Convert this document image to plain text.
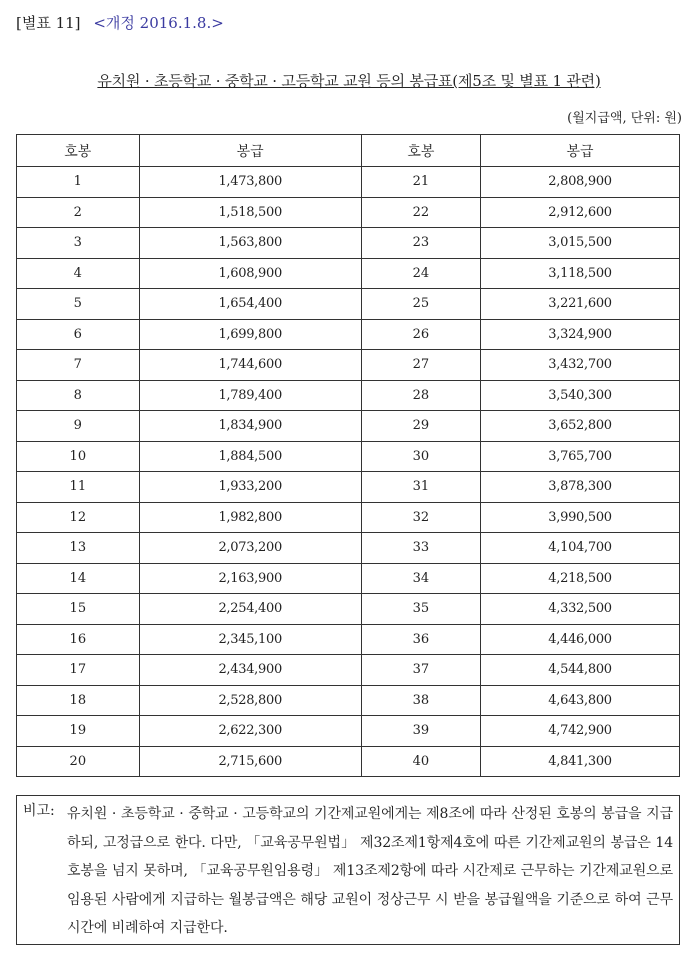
[별표 11] <개정 2016.1.8.>
유치원 · 초등학교 · 중학교 · 고등학교 교원 등의 봉급표(제5조 및 별표 1 관련)
(월지급액, 단위: 원)
호봉	봉급	호봉	봉급
1	1,473,800	21	2,808,900
2	1,518,500	22	2,912,600
3	1,563,800	23	3,015,500
4	1,608,900	24	3,118,500
5	1,654,400	25	3,221,600
6	1,699,800	26	3,324,900
7	1,744,600	27	3,432,700
8	1,789,400	28	3,540,300
9	1,834,900	29	3,652,800
10	1,884,500	30	3,765,700
11	1,933,200	31	3,878,300
12	1,982,800	32	3,990,500
13	2,073,200	33	4,104,700
14	2,163,900	34	4,218,500
15	2,254,400	35	4,332,500
16	2,345,100	36	4,446,000
17	2,434,900	37	4,544,800
18	2,528,800	38	4,643,800
19	2,622,300	39	4,742,900
20	2,715,600	40	4,841,300
비고: 유치원 · 초등학교 · 중학교 · 고등학교의 기간제교원에게는 제8조에 따라 산정된 호봉의 봉급을 지급하되, 고정급으로 한다. 다만, 「교육공무원법」 제32조제1항제4호에 따른 기간제교원의 봉급은 14호봉을 넘지 못하며, 「교육공무원임용령」 제13조제2항에 따라 시간제로 근무하는 기간제교원으로 임용된 사람에게 지급하는 월봉급액은 해당 교원이 정상근무 시 받을 봉급월액을 기준으로 하여 근무시간에 비례하여 지급한다.
